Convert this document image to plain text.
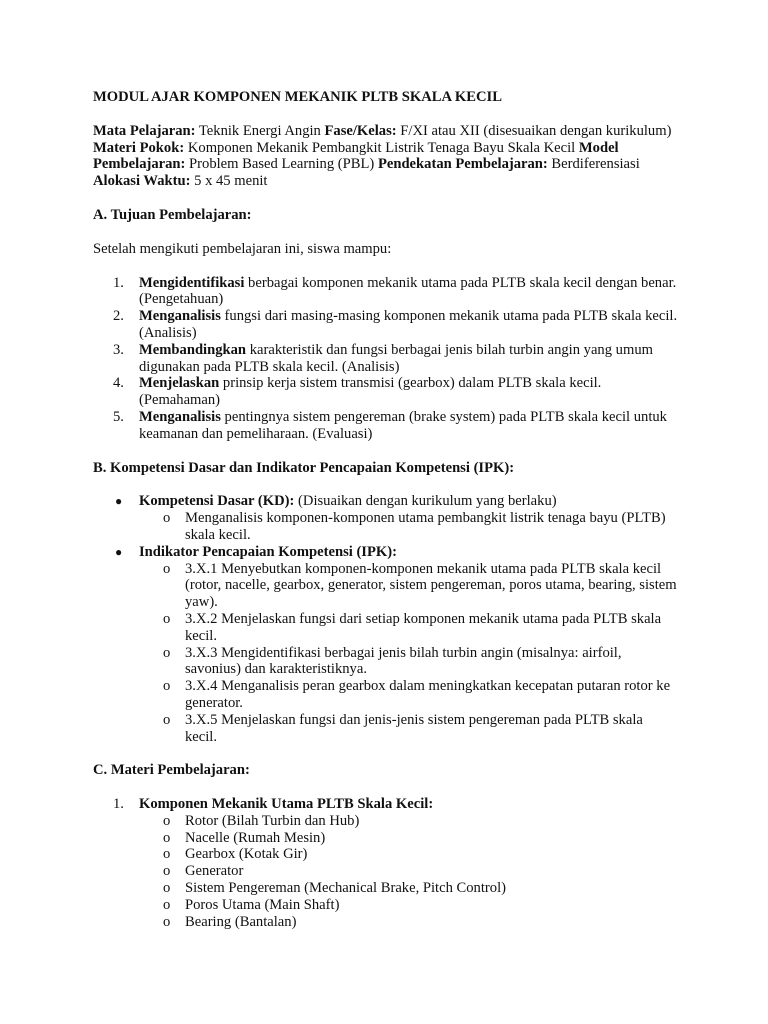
MODUL AJAR KOMPONEN MEKANIK PLTB SKALA KECIL
Mata Pelajaran: Teknik Energi Angin Fase/Kelas: F/XI atau XII (disesuaikan dengan kurikulum) Materi Pokok: Komponen Mekanik Pembangkit Listrik Tenaga Bayu Skala Kecil Model Pembelajaran: Problem Based Learning (PBL) Pendekatan Pembelajaran: Berdiferensiasi Alokasi Waktu: 5 x 45 menit
A. Tujuan Pembelajaran:
Setelah mengikuti pembelajaran ini, siswa mampu:
1. Mengidentifikasi berbagai komponen mekanik utama pada PLTB skala kecil dengan benar. (Pengetahuan)
2. Menganalisis fungsi dari masing-masing komponen mekanik utama pada PLTB skala kecil. (Analisis)
3. Membandingkan karakteristik dan fungsi berbagai jenis bilah turbin angin yang umum digunakan pada PLTB skala kecil. (Analisis)
4. Menjelaskan prinsip kerja sistem transmisi (gearbox) dalam PLTB skala kecil. (Pemahaman)
5. Menganalisis pentingnya sistem pengereman (brake system) pada PLTB skala kecil untuk keamanan dan pemeliharaan. (Evaluasi)
B. Kompetensi Dasar dan Indikator Pencapaian Kompetensi (IPK):
● Kompetensi Dasar (KD): (Disuaikan dengan kurikulum yang berlaku)
o Menganalisis komponen-komponen utama pembangkit listrik tenaga bayu (PLTB) skala kecil.
● Indikator Pencapaian Kompetensi (IPK):
o 3.X.1 Menyebutkan komponen-komponen mekanik utama pada PLTB skala kecil (rotor, nacelle, gearbox, generator, sistem pengereman, poros utama, bearing, sistem yaw).
o 3.X.2 Menjelaskan fungsi dari setiap komponen mekanik utama pada PLTB skala kecil.
o 3.X.3 Mengidentifikasi berbagai jenis bilah turbin angin (misalnya: airfoil, savonius) dan karakteristiknya.
o 3.X.4 Menganalisis peran gearbox dalam meningkatkan kecepatan putaran rotor ke generator.
o 3.X.5 Menjelaskan fungsi dan jenis-jenis sistem pengereman pada PLTB skala kecil.
C. Materi Pembelajaran:
1. Komponen Mekanik Utama PLTB Skala Kecil:
o Rotor (Bilah Turbin dan Hub)
o Nacelle (Rumah Mesin)
o Gearbox (Kotak Gir)
o Generator
o Sistem Pengereman (Mechanical Brake, Pitch Control)
o Poros Utama (Main Shaft)
o Bearing (Bantalan)
